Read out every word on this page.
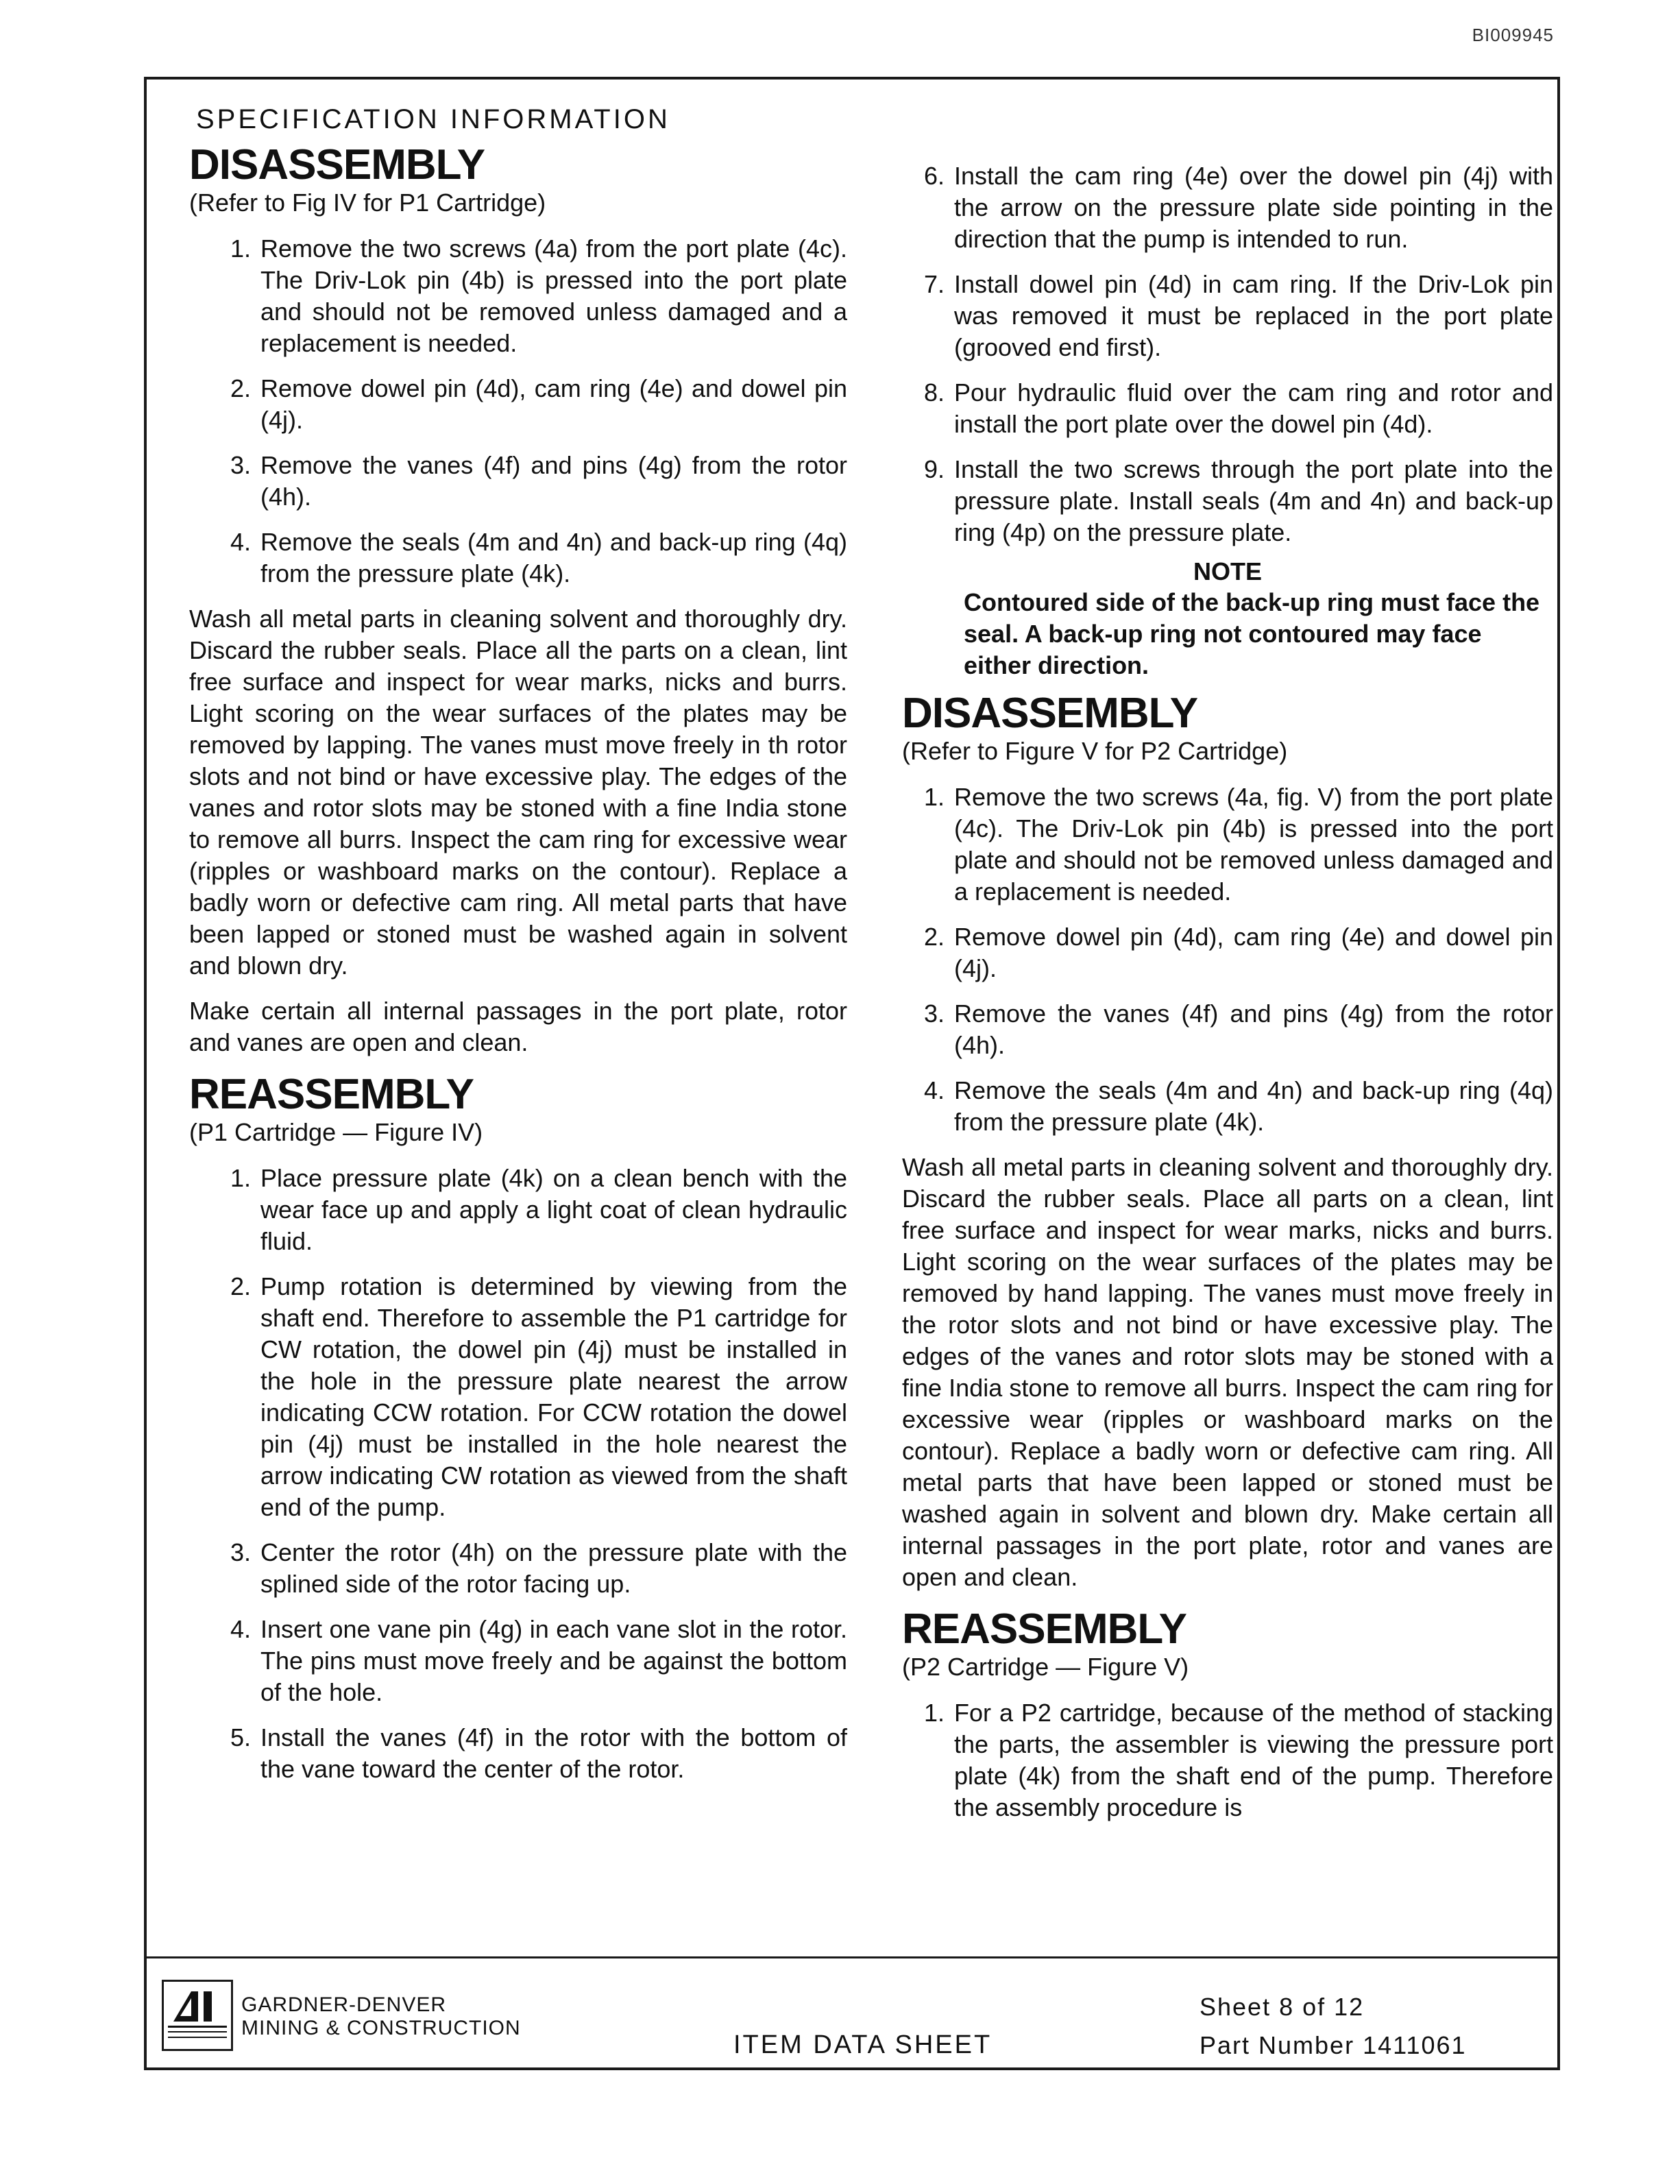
BI009945
SPECIFICATION INFORMATION
DISASSEMBLY
(Refer to Fig IV for P1 Cartridge)
1. Remove the two screws (4a) from the port plate (4c). The Driv-Lok pin (4b) is pressed into the port plate and should not be removed unless damaged and a replacement is needed.
2. Remove dowel pin (4d), cam ring (4e) and dowel pin (4j).
3. Remove the vanes (4f) and pins (4g) from the rotor (4h).
4. Remove the seals (4m and 4n) and back-up ring (4q) from the pressure plate (4k).

Wash all metal parts in cleaning solvent and thoroughly dry. Discard the rubber seals. Place all the parts on a clean, lint free surface and inspect for wear marks, nicks and burrs. Light scoring on the wear surfaces of the plates may be removed by lapping. The vanes must move freely in th rotor slots and not bind or have excessive play. The edges of the vanes and rotor slots may be stoned with a fine India stone to remove all burrs. Inspect the cam ring for excessive wear (ripples or washboard marks on the contour). Replace a badly worn or defective cam ring. All metal parts that have been lapped or stoned must be washed again in solvent and blown dry.

Make certain all internal passages in the port plate, rotor and vanes are open and clean.

REASSEMBLY
(P1 Cartridge — Figure IV)
1. Place pressure plate (4k) on a clean bench with the wear face up and apply a light coat of clean hydraulic fluid.
2. Pump rotation is determined by viewing from the shaft end. Therefore to assemble the P1 cartridge for CW rotation, the dowel pin (4j) must be installed in the hole in the pressure plate nearest the arrow indicating CCW rotation. For CCW rotation the dowel pin (4j) must be installed in the hole nearest the arrow indicating CW rotation as viewed from the shaft end of the pump.
3. Center the rotor (4h) on the pressure plate with the splined side of the rotor facing up.
4. Insert one vane pin (4g) in each vane slot in the rotor. The pins must move freely and be against the bottom of the hole.
5. Install the vanes (4f) in the rotor with the bottom of the vane toward the center of the rotor.
6. Install the cam ring (4e) over the dowel pin (4j) with the arrow on the pressure plate side pointing in the direction that the pump is intended to run.
7. Install dowel pin (4d) in cam ring. If the Driv-Lok pin was removed it must be replaced in the port plate (grooved end first).
8. Pour hydraulic fluid over the cam ring and rotor and install the port plate over the dowel pin (4d).
9. Install the two screws through the port plate into the pressure plate. Install seals (4m and 4n) and back-up ring (4p) on the pressure plate.
NOTE
Contoured side of the back-up ring must face the seal. A back-up ring not contoured may face either direction.
DISASSEMBLY
(Refer to Figure V for P2 Cartridge)
1. Remove the two screws (4a, fig. V) from the port plate (4c). The Driv-Lok pin (4b) is pressed into the port plate and should not be removed unless damaged and a replacement is needed.
2. Remove dowel pin (4d), cam ring (4e) and dowel pin (4j).
3. Remove the vanes (4f) and pins (4g) from the rotor (4h).
4. Remove the seals (4m and 4n) and back-up ring (4q) from the pressure plate (4k).

Wash all metal parts in cleaning solvent and thoroughly dry. Discard the rubber seals. Place all parts on a clean, lint free surface and inspect for wear marks, nicks and burrs. Light scoring on the wear surfaces of the plates may be removed by hand lapping. The vanes must move freely in the rotor slots and not bind or have excessive play. The edges of the vanes and rotor slots may be stoned with a fine India stone to remove all burrs. Inspect the cam ring for excessive wear (ripples or washboard marks on the contour). Replace a badly worn or defective cam ring. All metal parts that have been lapped or stoned must be washed again in solvent and blown dry. Make certain all internal passages in the port plate, rotor and vanes are open and clean.

REASSEMBLY
(P2 Cartridge — Figure V)
1. For a P2 cartridge, because of the method of stacking the parts, the assembler is viewing the pressure port plate (4k) from the shaft end of the pump. Therefore the assembly procedure is
GARDNER-DENVER
MINING & CONSTRUCTION
ITEM DATA SHEET
Sheet 8 of 12
Part Number 1411061
